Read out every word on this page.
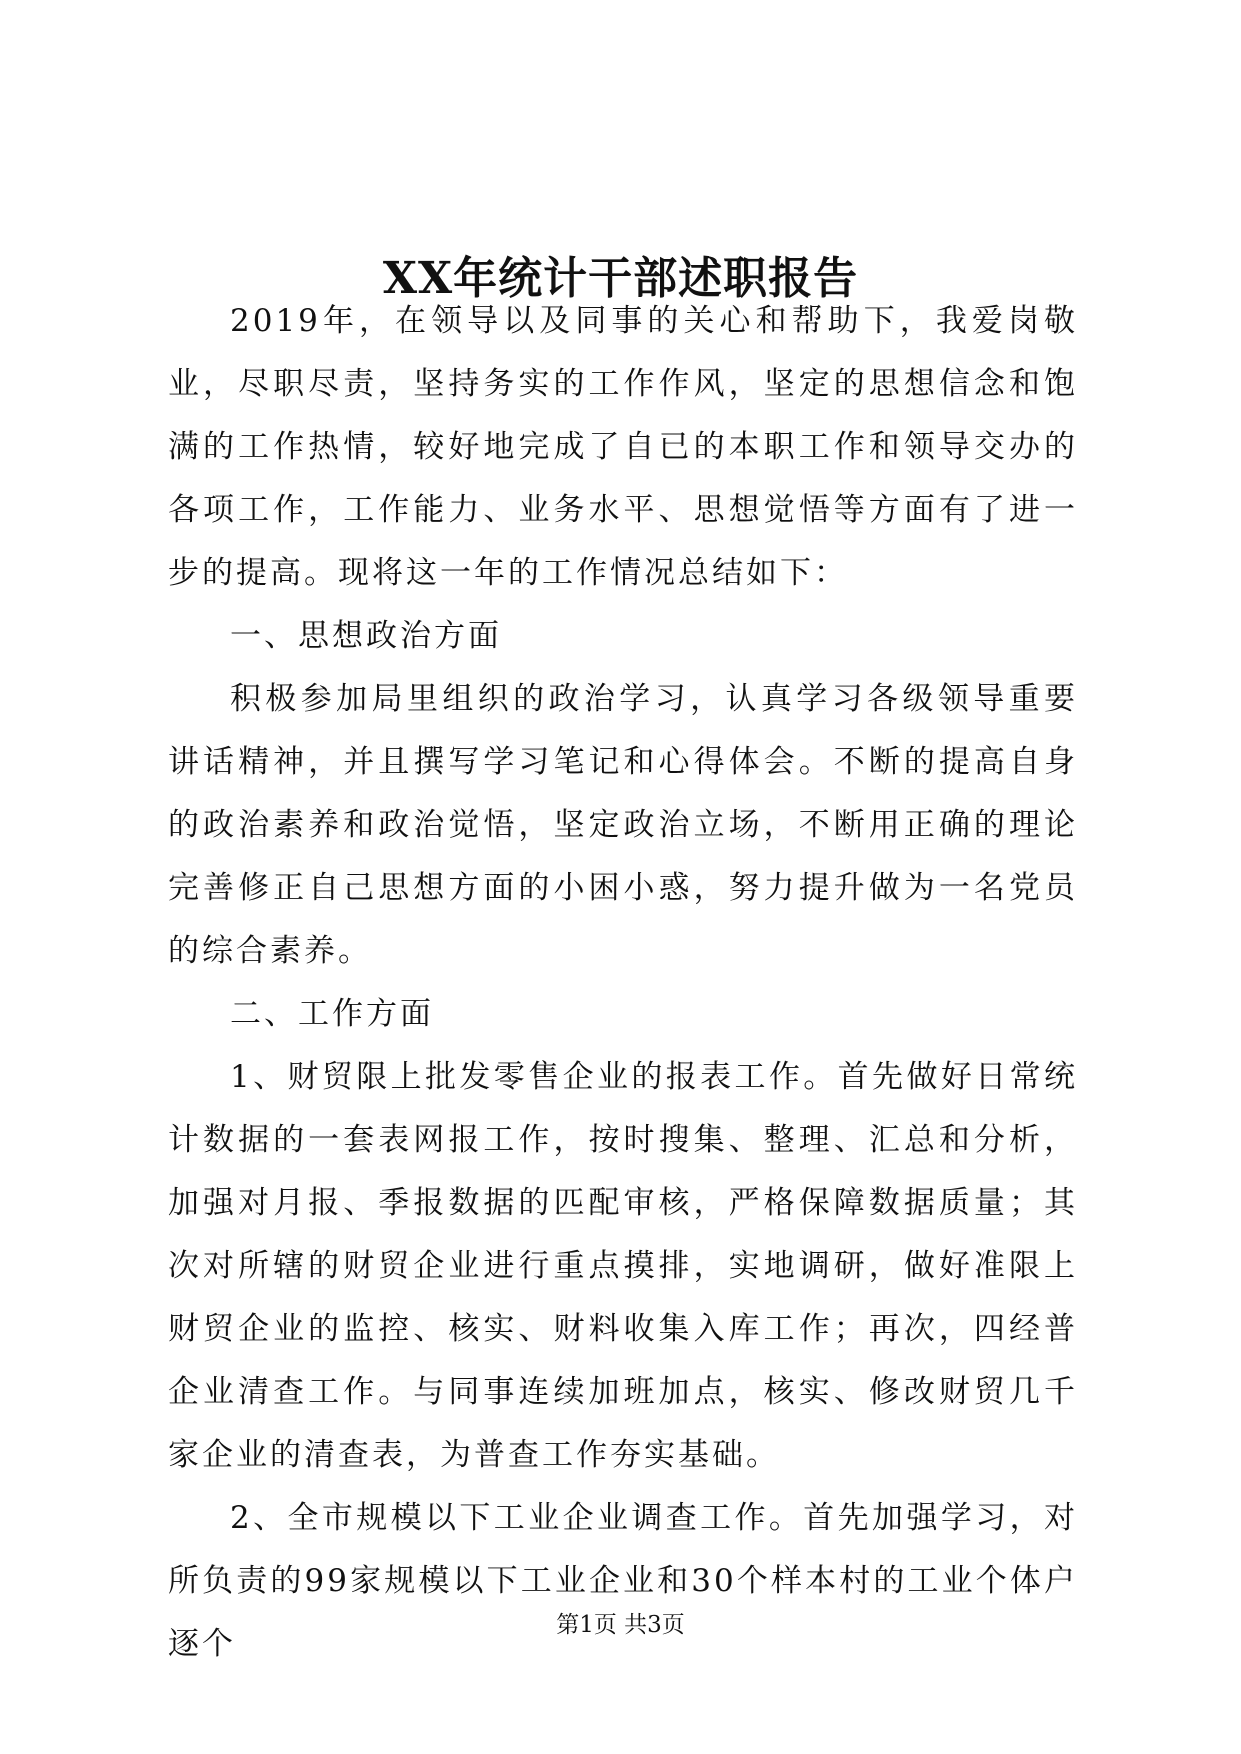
XX年统计干部述职报告

2019年，在领导以及同事的关心和帮助下，我爱岗敬业，尽职尽责，坚持务实的工作作风，坚定的思想信念和饱满的工作热情，较好地完成了自已的本职工作和领导交办的各项工作，工作能力、业务水平、思想觉悟等方面有了进一步的提高。现将这一年的工作情况总结如下：

一、思想政治方面

积极参加局里组织的政治学习，认真学习各级领导重要讲话精神，并且撰写学习笔记和心得体会。不断的提高自身的政治素养和政治觉悟，坚定政治立场，不断用正确的理论完善修正自己思想方面的小困小惑，努力提升做为一名党员的综合素养。

二、工作方面

1、财贸限上批发零售企业的报表工作。首先做好日常统计数据的一套表网报工作，按时搜集、整理、汇总和分析，加强对月报、季报数据的匹配审核，严格保障数据质量；其次对所辖的财贸企业进行重点摸排，实地调研，做好准限上财贸企业的监控、核实、财料收集入库工作；再次，四经普企业清查工作。与同事连续加班加点，核实、修改财贸几千家企业的清查表，为普查工作夯实基础。

2、全市规模以下工业企业调查工作。首先加强学习，对所负责的99家规模以下工业企业和30个样本村的工业个体户逐个

第1页 共3页
